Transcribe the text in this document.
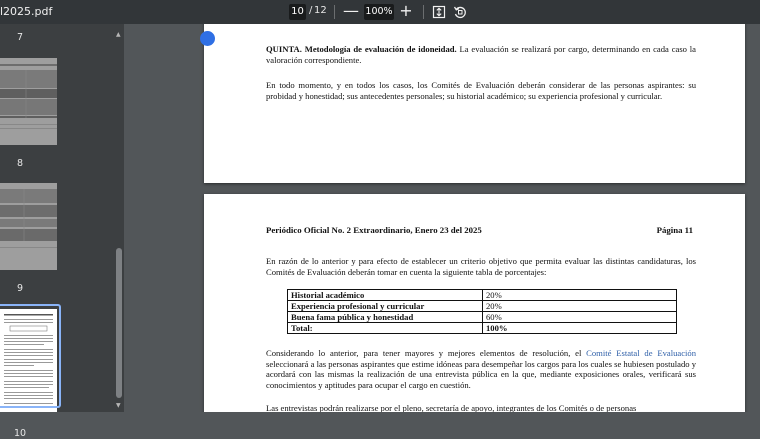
l2025.pdf	10 / 12 — 100% +
7
8
9
10
▲
▼

QUINTA. Metodología de evaluación de idoneidad. La evaluación se realizará por cargo, determinando en cada caso la valoración correspondiente.

En todo momento, y en todos los casos, los Comités de Evaluación deberán considerar de las personas aspirantes: su probidad y honestidad; sus antecedentes personales; su historial académico; su experiencia profesional y curricular.

Periódico Oficial No. 2 Extraordinario, Enero 23 del 2025	Página 11

En razón de lo anterior y para efecto de establecer un criterio objetivo que permita evaluar las distintas candidaturas, los Comités de Evaluación deberán tomar en cuenta la siguiente tabla de porcentajes:

Historial académico	20%
Experiencia profesional y curricular	20%
Buena fama pública y honestidad	60%
Total:	100%

Considerando lo anterior, para tener mayores y mejores elementos de resolución, el Comité Estatal de Evaluación seleccionará a las personas aspirantes que estime idóneas para desempeñar los cargos para los cuales se hubiesen postulado y acordará con las mismas la realización de una entrevista pública en la que, mediante exposiciones orales, verificará sus conocimientos y aptitudes para ocupar el cargo en cuestión.

Las entrevistas podrán realizarse por el pleno, secretaría de apoyo, integrantes de los Comités o de personas
